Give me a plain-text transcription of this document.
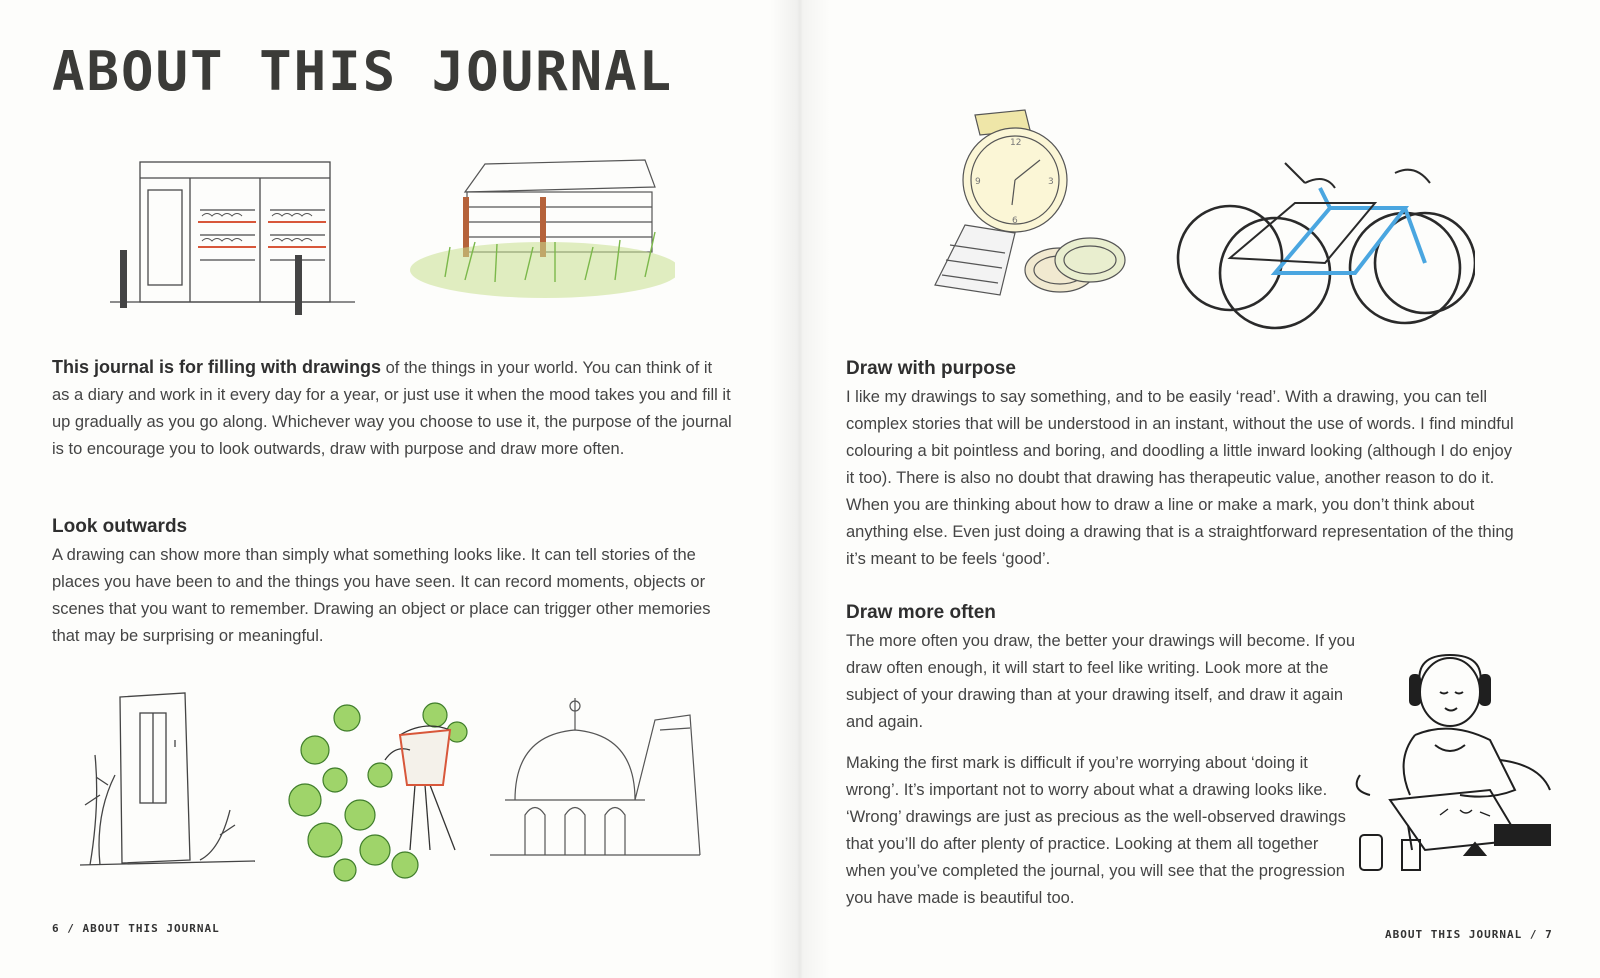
ABOUT THIS JOURNAL

This journal is for filling with drawings of the things in your world. You can think of it as a diary and work in it every day for a year, or just use it when the mood takes you and fill it up gradually as you go along. Whichever way you choose to use it, the purpose of the journal is to encourage you to look outwards, draw with purpose and draw more often.

Look outwards

A drawing can show more than simply what something looks like. It can tell stories of the places you have been to and the things you have seen. It can record moments, objects or scenes that you want to remember. Drawing an object or place can trigger other memories that may be surprising or meaningful.

6 / ABOUT THIS JOURNAL
12
3
6
9
Draw with purpose

I like my drawings to say something, and to be easily ‘read’. With a drawing, you can tell complex stories that will be understood in an instant, without the use of words. I find mindful colouring a bit pointless and boring, and doodling a little inward looking (although I do enjoy it too). There is also no doubt that drawing has therapeutic value, another reason to do it. When you are thinking about how to draw a line or make a mark, you don’t think about anything else. Even just doing a drawing that is a straightforward representation of the thing it’s meant to be feels ‘good’.

Draw more often

The more often you draw, the better your drawings will become. If you draw often enough, it will start to feel like writing. Look more at the subject of your drawing than at your drawing itself, and draw it again and again.

Making the first mark is difficult if you’re worrying about ‘doing it wrong’. It’s important not to worry about what a drawing looks like. ‘Wrong’ drawings are just as precious as the well-observed drawings that you’ll do after plenty of practice. Looking at them all together when you’ve completed the journal, you will see that the progression you have made is beautiful too.

ABOUT THIS JOURNAL / 7
